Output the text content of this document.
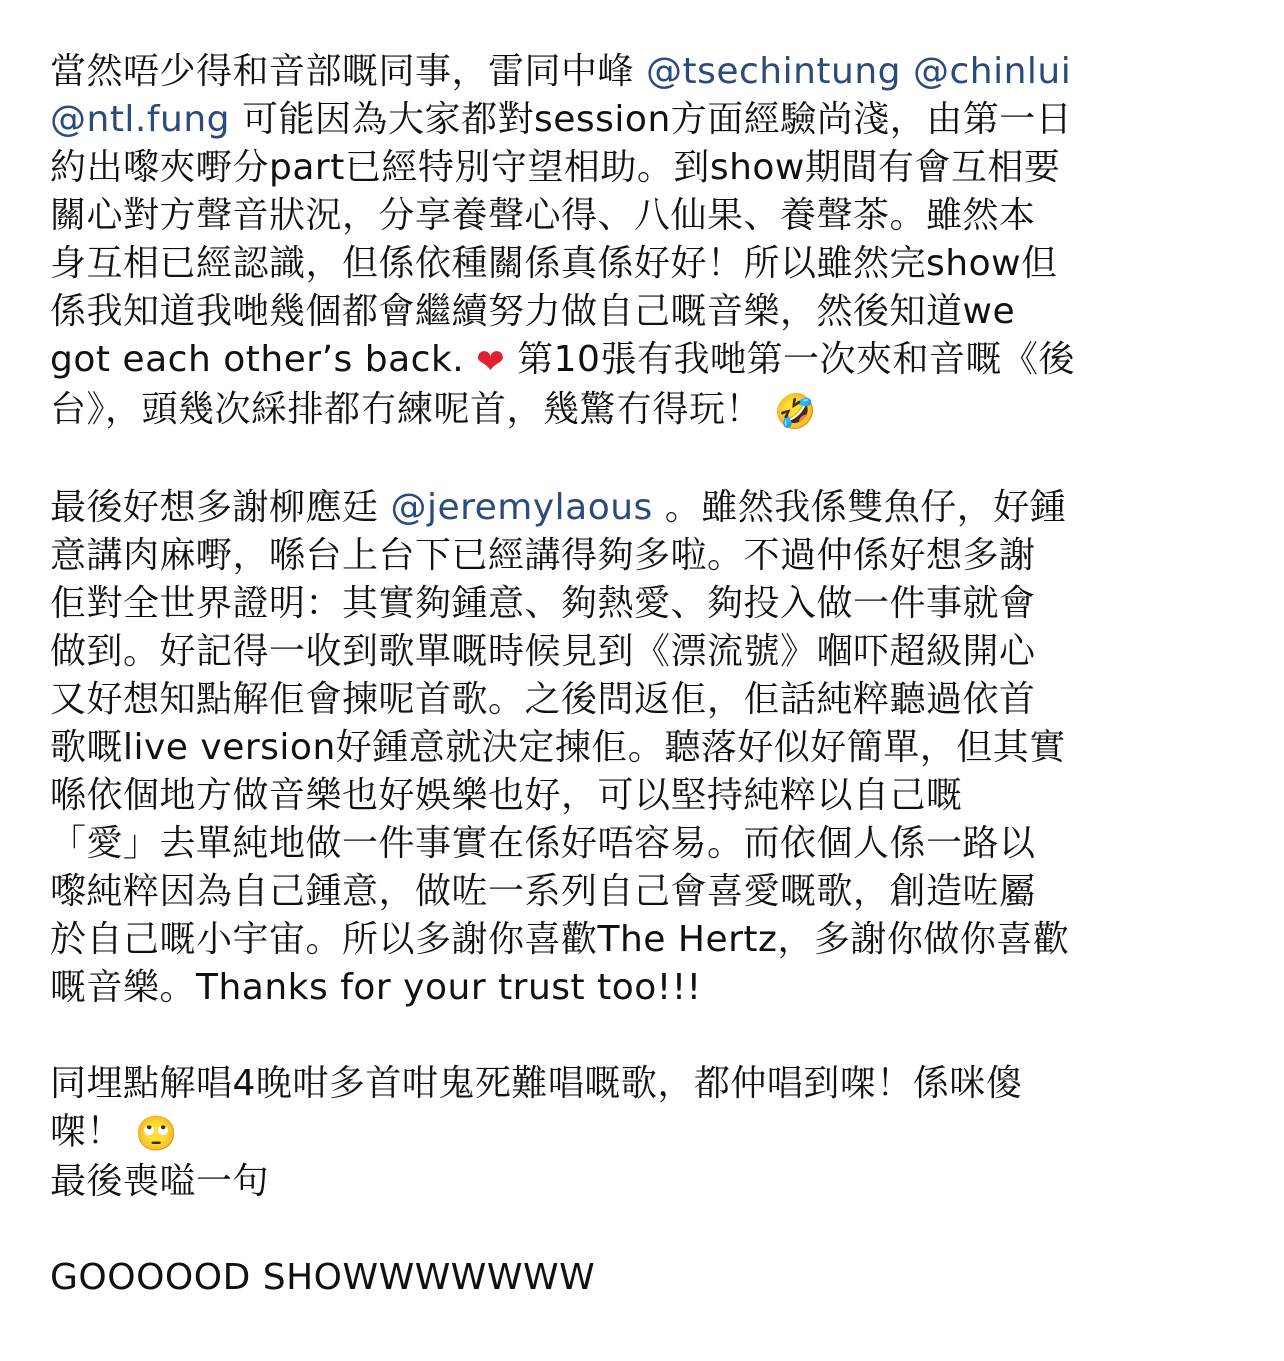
當然唔少得和音部嘅同事，雷同中峰 @tsechintung @chinlui
@ntl.fung 可能因為大家都對session方面經驗尚淺，由第一日
約出嚟夾嘢分part已經特別守望相助。到show期間有會互相要
關心對方聲音狀況，分享養聲心得、八仙果、養聲茶。雖然本
身互相已經認識，但係依種關係真係好好！所以雖然完show但
係我知道我哋幾個都會繼續努力做自己嘅音樂，然後知道we
got each other’s back. ❤ 第10張有我哋第一次夾和音嘅《後
台》，頭幾次綵排都冇練呢首，幾驚冇得玩！ 🤣
最後好想多謝柳應廷 @jeremylaous 。雖然我係雙魚仔，好鍾
意講肉麻嘢，喺台上台下已經講得夠多啦。不過仲係好想多謝
佢對全世界證明：其實夠鍾意、夠熱愛、夠投入做一件事就會
做到。好記得一收到歌單嘅時候見到《漂流號》嗰吓超級開心
又好想知點解佢會揀呢首歌。之後問返佢，佢話純粹聽過依首
歌嘅live version好鍾意就決定揀佢。聽落好似好簡單，但其實
喺依個地方做音樂也好娛樂也好，可以堅持純粹以自己嘅
「愛」去單純地做一件事實在係好唔容易。而依個人係一路以
嚟純粹因為自己鍾意，做咗一系列自己會喜愛嘅歌，創造咗屬
於自己嘅小宇宙。所以多謝你喜歡The Hertz，多謝你做你喜歡
嘅音樂。Thanks for your trust too!!!
同埋點解唱4晚咁多首咁鬼死難唱嘅歌，都仲唱到㗎！係咪傻
㗎！ 🙄
最後喪嗌一句
GOOOOOD SHOWWWWWWW
